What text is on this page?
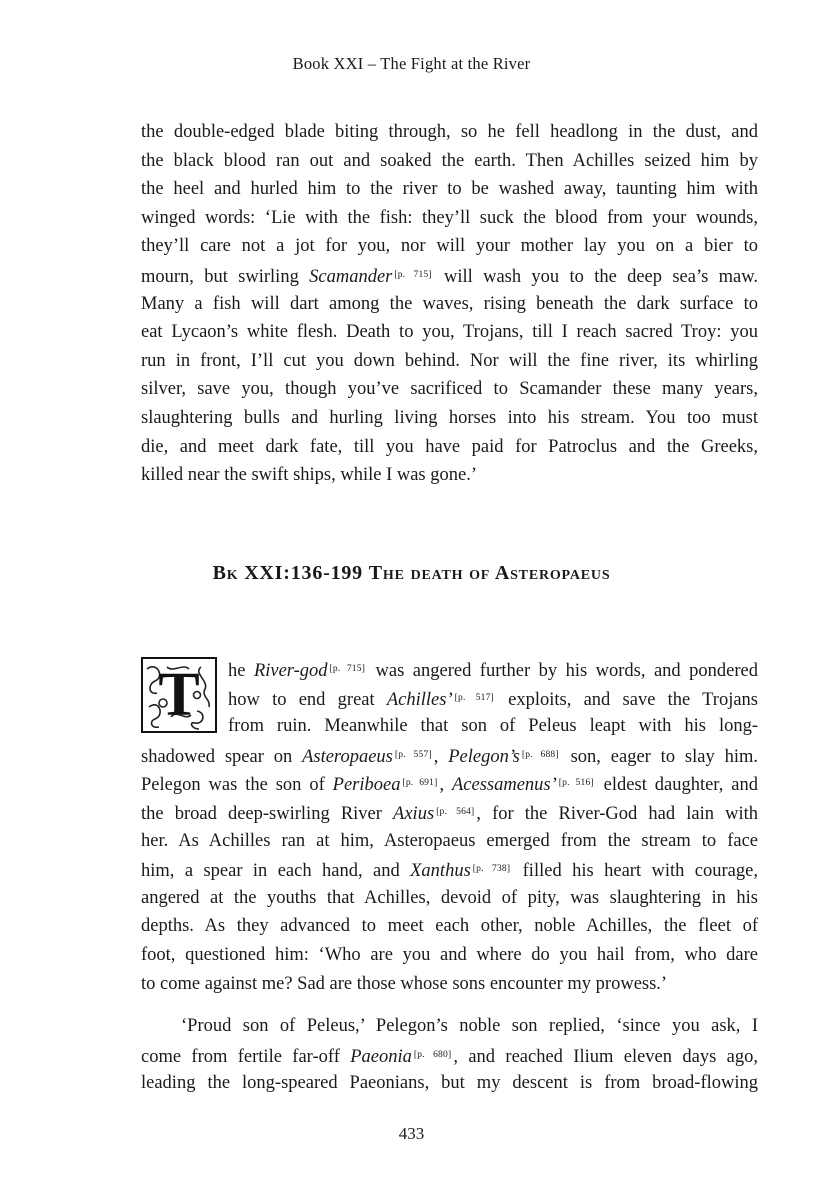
Book XXI – The Fight at the River
the double-edged blade biting through, so he fell headlong in the dust, and
the black blood ran out and soaked the earth. Then Achilles seized him by
the heel and hurled him to the river to be washed away, taunting him with
winged words: ‘Lie with the fish: they’ll suck the blood from your wounds,
they’ll care not a jot for you, nor will your mother lay you on a bier to
mourn, but swirling Scamander [p. 715] will wash you to the deep sea’s maw.
Many a fish will dart among the waves, rising beneath the dark surface to
eat Lycaon’s white flesh. Death to you, Trojans, till I reach sacred Troy: you
run in front, I’ll cut you down behind. Nor will the fine river, its whirling
silver, save you, though you’ve sacrificed to Scamander these many years,
slaughtering bulls and hurling living horses into his stream. You too must
die, and meet dark fate, till you have paid for Patroclus and the Greeks,
killed near the swift ships, while I was gone.’
Bk XXI:136-199 The death of Asteropaeus
T	he River-god [p. 715] was angered further by his words, and pondered
how to end great Achilles’ [p. 517] exploits, and save the Trojans
from ruin. Meanwhile that son of Peleus leapt with his long-
shadowed spear on Asteropaeus [p. 557] , Pelegon’s [p. 688] son, eager to slay him.
Pelegon was the son of Periboea [p. 691] , Acessamenus’ [p. 516] eldest daughter, and
the broad deep-swirling River Axius [p. 564] , for the River-God had lain with
her. As Achilles ran at him, Asteropaeus emerged from the stream to face
him, a spear in each hand, and Xanthus [p. 738] filled his heart with courage,
angered at the youths that Achilles, devoid of pity, was slaughtering in his
depths. As they advanced to meet each other, noble Achilles, the fleet of
foot, questioned him: ‘Who are you and where do you hail from, who dare
to come against me? Sad are those whose sons encounter my prowess.’
‘Proud son of Peleus,’ Pelegon’s noble son replied, ‘since you ask, I
come from fertile far-off Paeonia [p. 680] , and reached Ilium eleven days ago,
leading the long-speared Paeonians, but my descent is from broad-flowing
433
